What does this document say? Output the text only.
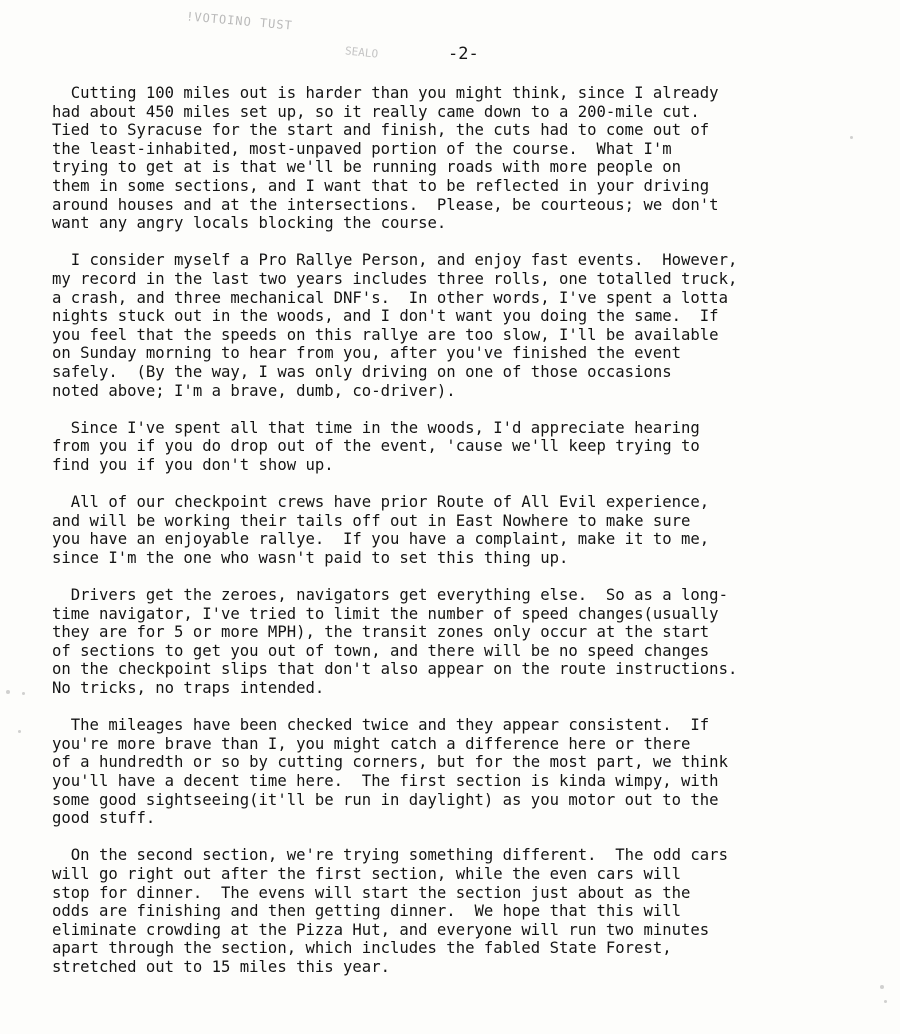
!VOTOINO TUST
SEALO	-2-
Cutting 100 miles out is harder than you might think, since I already
had about 450 miles set up, so it really came down to a 200-mile cut.
Tied to Syracuse for the start and finish, the cuts had to come out of
the least-inhabited, most-unpaved portion of the course.  What I'm
trying to get at is that we'll be running roads with more people on
them in some sections, and I want that to be reflected in your driving
around houses and at the intersections.  Please, be courteous; we don't
want any angry locals blocking the course.
I consider myself a Pro Rallye Person, and enjoy fast events.  However,
my record in the last two years includes three rolls, one totalled truck,
a crash, and three mechanical DNF's.  In other words, I've spent a lotta
nights stuck out in the woods, and I don't want you doing the same.  If
you feel that the speeds on this rallye are too slow, I'll be available
on Sunday morning to hear from you, after you've finished the event
safely.  (By the way, I was only driving on one of those occasions
noted above; I'm a brave, dumb, co-driver).
Since I've spent all that time in the woods, I'd appreciate hearing
from you if you do drop out of the event, 'cause we'll keep trying to
find you if you don't show up.
All of our checkpoint crews have prior Route of All Evil experience,
and will be working their tails off out in East Nowhere to make sure
you have an enjoyable rallye.  If you have a complaint, make it to me,
since I'm the one who wasn't paid to set this thing up.
Drivers get the zeroes, navigators get everything else.  So as a long-
time navigator, I've tried to limit the number of speed changes(usually
they are for 5 or more MPH), the transit zones only occur at the start
of sections to get you out of town, and there will be no speed changes
on the checkpoint slips that don't also appear on the route instructions.
No tricks, no traps intended.
The mileages have been checked twice and they appear consistent.  If
you're more brave than I, you might catch a difference here or there
of a hundredth or so by cutting corners, but for the most part, we think
you'll have a decent time here.  The first section is kinda wimpy, with
some good sightseeing(it'll be run in daylight) as you motor out to the
good stuff.
On the second section, we're trying something different.  The odd cars
will go right out after the first section, while the even cars will
stop for dinner.  The evens will start the section just about as the
odds are finishing and then getting dinner.  We hope that this will
eliminate crowding at the Pizza Hut, and everyone will run two minutes
apart through the section, which includes the fabled State Forest,
stretched out to 15 miles this year.
